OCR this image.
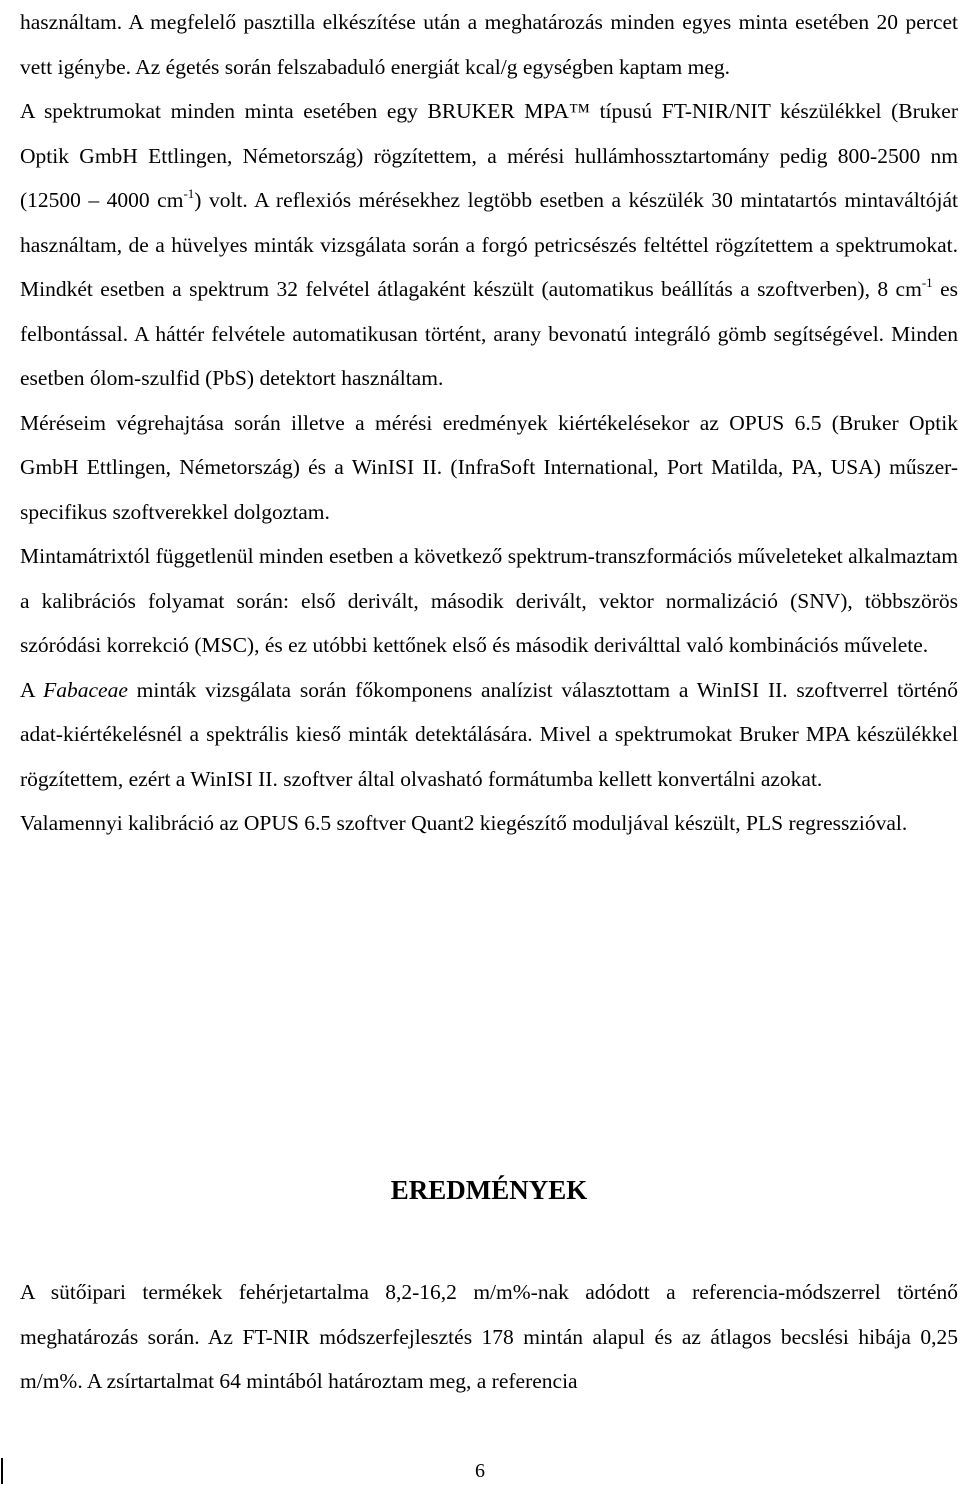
használtam. A megfelelő pasztilla elkészítése után a meghatározás minden egyes minta esetében 20 percet vett igénybe. Az égetés során felszabaduló energiát kcal/g egységben kaptam meg.

A spektrumokat minden minta esetében egy BRUKER MPA™ típusú FT-NIR/NIT készülékkel (Bruker Optik GmbH Ettlingen, Németország) rögzítettem, a mérési hullámhossztartomány pedig 800-2500 nm (12500 – 4000 $cm^{-1}$) volt. A reflexiós mérésekhez legtöbb esetben a készülék 30 mintatartós mintaváltóját használtam, de a hüvelyes minták vizsgálata során a forgó petricsészés feltéttel rögzítettem a spektrumokat. Mindkét esetben a spektrum 32 felvétel átlagaként készült (automatikus beállítás a szoftverben), 8 $cm^{-1}$ es felbontással. A háttér felvétele automatikusan történt, arany bevonatú integráló gömb segítségével. Minden esetben ólom-szulfid (PbS) detektort használtam.

Méréseim végrehajtása során illetve a mérési eredmények kiértékelésekor az OPUS 6.5 (Bruker Optik GmbH Ettlingen, Németország) és a WinISI II. (InfraSoft International, Port Matilda, PA, USA) műszer-specifikus szoftverekkel dolgoztam.

Mintamátrixtól függetlenül minden esetben a következő spektrum-transzformációs műveleteket alkalmaztam a kalibrációs folyamat során: első derivált, második derivált, vektor normalizáció (SNV), többszörös szóródási korrekció (MSC), és ez utóbbi kettőnek első és második deriválttal való kombinációs művelete.

A Fabaceae minták vizsgálata során főkomponens analízist választottam a WinISI II. szoftverrel történő adat-kiértékelésnél a spektrális kieső minták detektálására. Mivel a spektrumokat Bruker MPA készülékkel rögzítettem, ezért a WinISI II. szoftver által olvasható formátumba kellett konvertálni azokat.

Valamennyi kalibráció az OPUS 6.5 szoftver Quant2 kiegészítő moduljával készült, PLS regresszióval.

EREDMÉNYEK

A sütőipari termékek fehérjetartalma 8,2-16,2 m/m%-nak adódott a referencia-módszerrel történő meghatározás során. Az FT-NIR módszerfejlesztés 178 mintán alapul és az átlagos becslési hibája 0,25 m/m%. A zsírtartalmat 64 mintából határoztam meg, a referencia

6
